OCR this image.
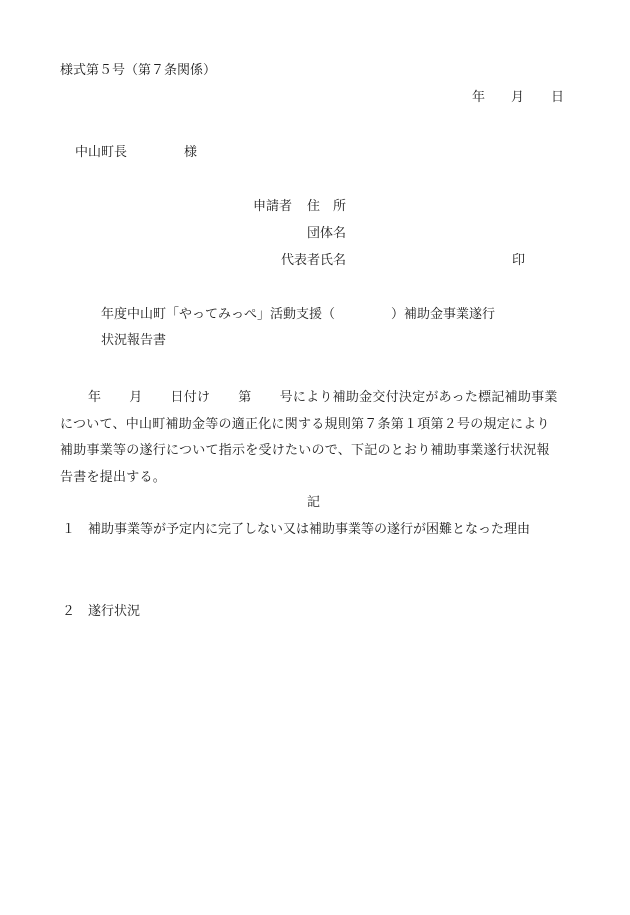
様式第５号（第７条関係）
年 月 日
中山町長	様
申請者 住　所
団体名
代表者氏名	印
年度中山町「やってみっぺ」活動支援（	）補助金事業遂行
状況報告書
年 月 日付け 第 号により補助金交付決定があった標記補助事業
について、中山町補助金等の適正化に関する規則第７条第１項第２号の規定により
補助事業等の遂行について指示を受けたいので、下記のとおり補助事業遂行状況報
告書を提出する。
記
１ 補助事業等が予定内に完了しない又は補助事業等の遂行が困難となった理由
２ 遂行状況
